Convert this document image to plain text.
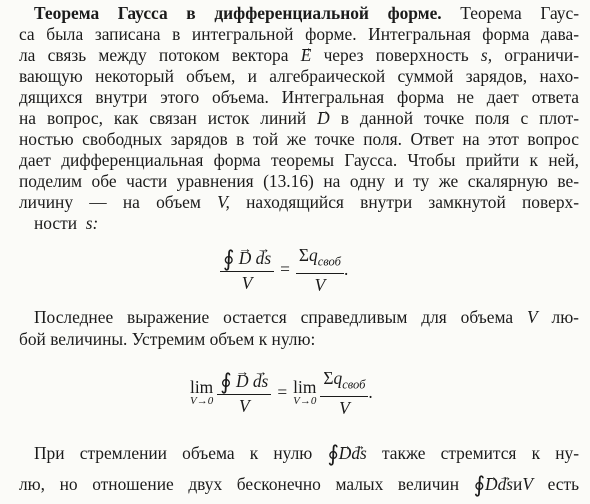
Теорема Гаусса в дифференциальной форме. Теорема Гаус-
са была записана в интегральной форме. Интегральная форма дава-
ла связь между потоком вектора → E через поверхность s, ограничи-
вающую некоторый объем, и алгебраической суммой зарядов, нахо-
дящихся внутри этого объема. Интегральная форма не дает ответа
на вопрос, как связан исток линий → D в данной точке поля с плот-
ностью свободных зарядов в той же точке поля. Ответ на этот вопрос
дает дифференциальная форма теоремы Гаусса. Чтобы прийти к ней,
поделим обе части уравнения (13.16) на одну и ту же скалярную ве-
личину — на объем V, находящийся внутри замкнутой поверх-
ности s:
$\frac{∮ \to D \to ds}{V} = \frac{\Sigma q_{своб}}{V}$ .
Последнее выражение остается справедливым для объема V лю-
бой величины. Устремим объем к нулю:
lim
$V\to 0 \frac{∮ \to D \to ds}{V} = \lim$
$V\to 0 \frac{\Sigma q_{своб}}{V}$ .
При стремлении объема к нулю ∮→ D→ ds также стремится к ну-
лю, но отношение двух бесконечно малых величин ∮→ D→ dsиV есть
